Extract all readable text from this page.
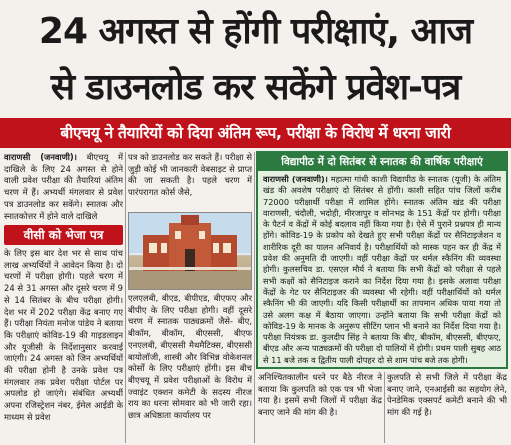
24 अगस्त से होंगी परीक्षाएं, आज
से डाउनलोड कर सकेंगे प्रवेश-पत्र
बीएचयू ने तैयारियों को दिया अंतिम रूप, परीक्षा के विरोध में धरना जारी

वाराणसी (जनवाणी)। बीएचयू में दाखिले के लिए 24 अगस्त से होने वाली प्रवेश परीक्षा की तैयारियां अंतिम चरण में हैं। अभ्यर्थी मंगलवार से प्रवेश पत्र डाउनलोड कर सकेंगे। स्नातक और स्नातकोत्तर में होने वाले दाखिले

वीसी को भेजा पत्र

के लिए इस बार देश भर से साथ पांच लाख अभ्यर्थियों ने आवेदन किया है। दो चरणों में परीक्षा होगी। पहले चरण में 24 से 31 अगस्त और दूसरे चरण में 9 से 14 सितंबर के बीच परीक्षा होगी। देश भर में 202 परीक्षा केंद्र बनाए गए हैं। परीक्षा नियंता मनोज पांडेय ने बताया कि परीक्षाएं कोविड-19 की गाइडलाइन और यूजीसी के निर्देशानुसार करवाई जाएंगी। 24 अगस्त को जिन अभ्यर्थियों की परीक्षा होनी है उनके प्रवेश पत्र मंगलवार तक प्रवेश परीक्षा पोर्टल पर अपलोड हो जाएंगे। संबंधित अभ्यर्थी अपना रजिस्ट्रेशन नंबर, ईमेल आईडी के माध्यम से प्रवेश

पत्र को डाउनलोड कर सकते हैं। परीक्षा से जुड़ी कोई भी जानकारी वेबसाइट से प्राप्त की जा सकती है। पहले चरण में पारंपरागत कोर्स जैसे,

एलएलबी, बीएड, बीपीएड, बीएफए और बीपीए के लिए परीक्षा होगी। वहीं दूसरे चरण में स्नातक पाठ्यक्रमों जैसे- बीए, बीकॉम, बीकॉम, बीएससी, बीएफ एनएलबी, बीएससी मैथमैटिक्स, बीएससी बायोलॉजी, शास्त्री और विभिन्न वोकेशनल कोर्सों के लिए परीक्षाएं होंगी। इस बीच बीएचयू में प्रवेश परीक्षाओं के विरोध में ज्वाइंट एक्शन कमेटी के सदस्य नीरज राय का धरना सोमवार को भी जारी रहा। छात्र अधिष्ठाता कार्यालय पर

विद्यापीठ में दो सितंबर से स्नातक की वार्षिक परीक्षाएं

वाराणसी (जनवाणी)। महात्मा गांधी काशी विद्यापीठ के स्नातक (यूजी) के अंतिम खंड की अवशेष परीक्षाएं दो सितंबर से होंगी। काशी सहित पांच जिलों करीब 72000 परीक्षार्थी परीक्षा में शामिल होंगे। स्नातक अंतिम खंड की परीक्षा वाराणसी, चंदौली, भदोही, मीरजापुर व सोनभद्र के 151 केंद्रों पर होगी। परीक्षा के पैटर्न व केंद्रों में कोई बदलाव नहीं किया गया है। ऐसे में पुराने प्रश्नपत्र ही मान्य होंगे। कोविड-19 के प्रकोप को देखते हुए सभी परीक्षा केंद्रों पर सैनिटाइजेशन व शारीरिक दूरी का पालन अनिवार्य है। परीक्षार्थियों को मास्क पहन कर ही केंद्र में प्रवेश की अनुमति दी जाएगी। वहीं परीक्षा केंद्रों पर थर्मल स्कैनिंग की व्यवस्था होगी। कुलसचिव डा. एसएल मौर्य ने बताया कि सभी केंद्रों को परीक्षा से पहले सभी कक्षों को सैनिटाइज कराने का निर्देश दिया गया है। इसके अलावा परीक्षा केंद्रों के गेट पर सैनिटाइजर की व्यवस्था भी रहेगी। वहीं परीक्षार्थियों को थर्मल स्कैनिंग भी की जाएगी। यदि किसी परीक्षार्थी का तापमान अधिक पाया गया तो उसे अलग कक्ष में बैठाया जाएगा। उन्होंने बताया कि सभी परीक्षा केंद्रों को कोविड-19 के मानक के अनुरूप सीटिंग प्लान भी बनाने का निर्देश दिया गया है। परीक्षा नियंत्रक डा. कुलदीप सिंह ने बताया कि बीए, बीकॉम, बीएससी, बीएफए, बीएड और अन्य पाठ्यक्रमों की परीक्षा दो पालियों में होगी। प्रथम पाली सुबह आठ से 11 बजे तक व द्वितीय पाली दोपहर दो से शाम पांच बजे तक होगी।

अनिश्चितकालीन धरने पर बैठे नीरज ने बताया कि कुलपति को एक पत्र भी भेजा गया है। इसमें सभी जिलों में परीक्षा केंद्र बनाए जाने की मांग की है।

कुलपति से सभी जिले में परीक्षा केंद्र बनाए जाने, एनआईसी का सहयोग लेने, पेनडेमिक एक्सपर्ट कमेटी बनाने की भी मांग की गई है।
